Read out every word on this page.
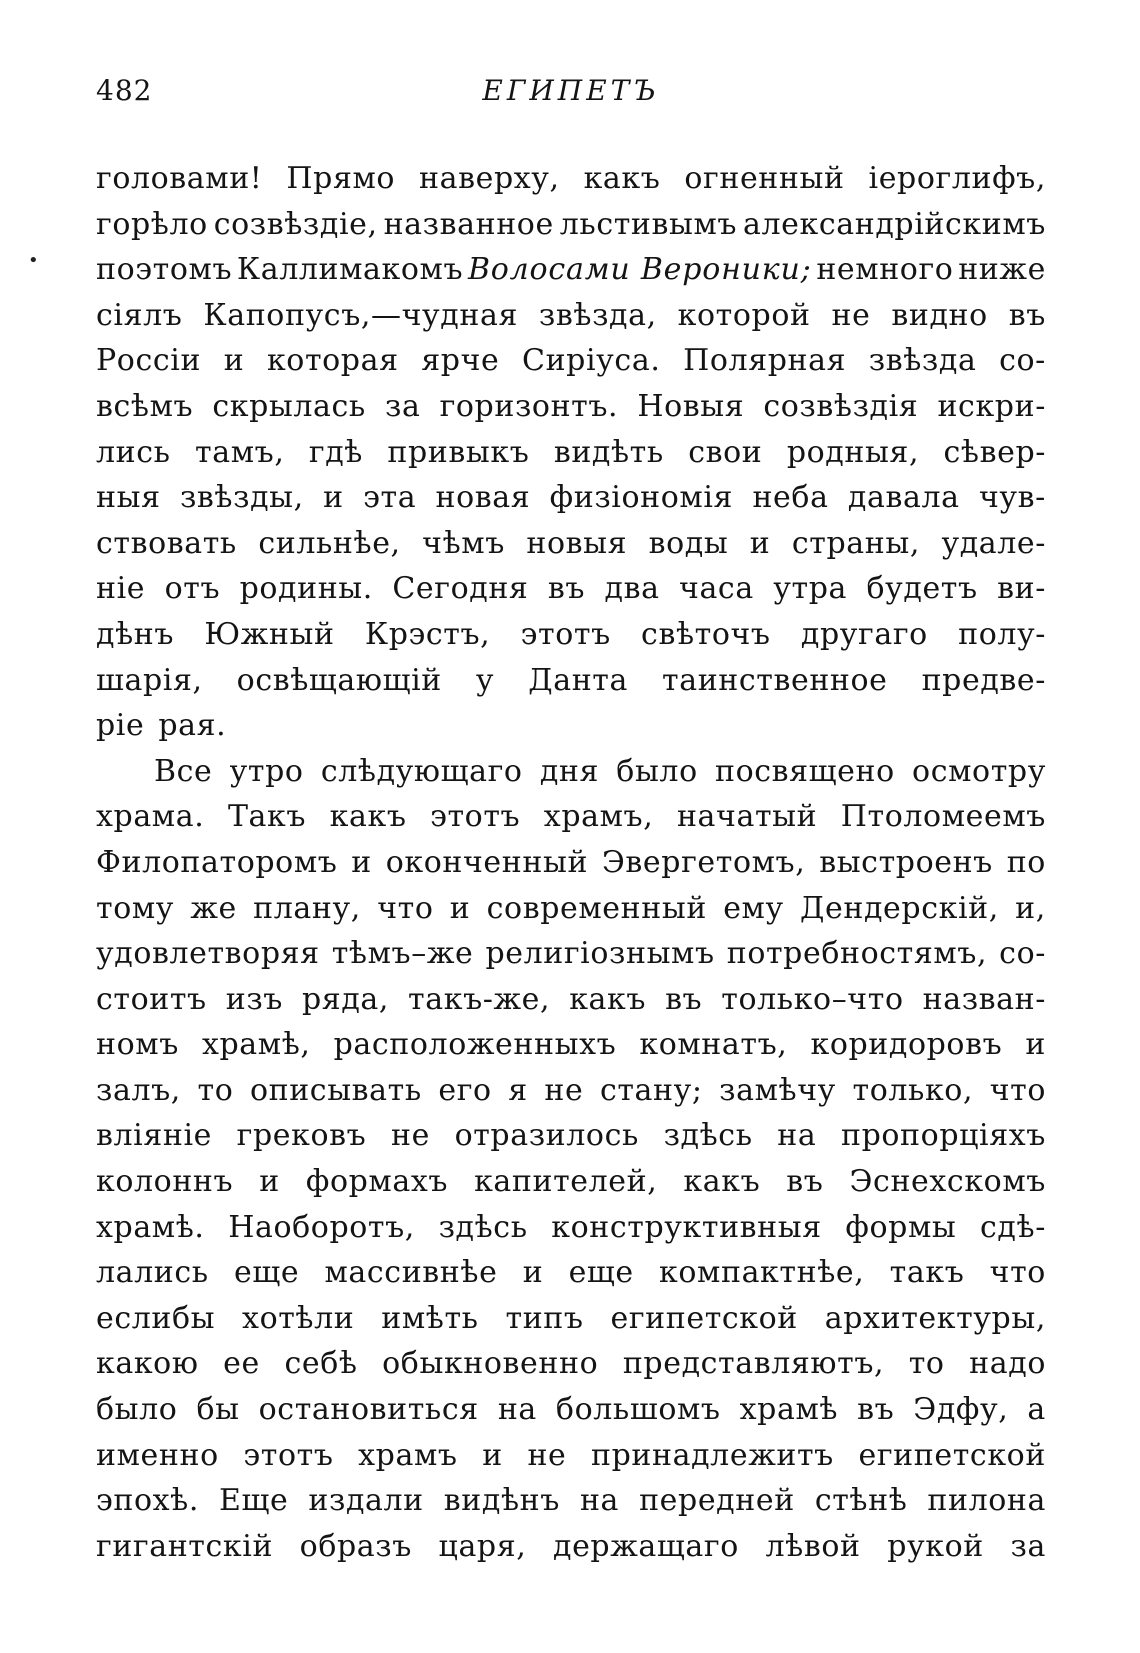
•
482	ЕГИПЕТЪ
головами! Прямо наверху, какъ огненный іероглифъ,
горѣло созвѣздіе, названное льстивымъ александрійскимъ
поэтомъ Каллимакомъ Волосами Вероники; немного ниже
сіялъ Капопусъ,—чудная звѣзда, которой не видно въ
Россіи и которая ярче Сиріуса. Полярная звѣзда со-
всѣмъ скрылась за горизонтъ. Новыя созвѣздія искри-
лись тамъ, гдѣ привыкъ видѣть свои родныя, сѣвер-
ныя звѣзды, и эта новая физіономія неба давала чув-
ствовать сильнѣе, чѣмъ новыя воды и страны, удале-
ніе отъ родины. Сегодня въ два часа утра будетъ ви-
дѣнъ Южный Крэстъ, этотъ свѣточъ другаго полу-
шарія, освѣщающій у Данта таинственное предве-
ріе рая.
Все утро слѣдующаго дня было посвящено осмотру
храма. Такъ какъ этотъ храмъ, начатый Птоломеемъ
Филопаторомъ и оконченный Эвергетомъ, выстроенъ по
тому же плану, что и современный ему Дендерскій, и,
удовлетворяя тѣмъ–же религіознымъ потребностямъ, со-
стоитъ изъ ряда, такъ-же, какъ въ только–что назван-
номъ храмѣ, расположенныхъ комнатъ, коридоровъ и
залъ, то описывать его я не стану; замѣчу только, что
вліяніе грековъ не отразилось здѣсь на пропорціяхъ
колоннъ и формахъ капителей, какъ въ Эснехскомъ
храмѣ. Наоборотъ, здѣсь конструктивныя формы сдѣ-
лались еще массивнѣе и еще компактнѣе, такъ что
еслибы хотѣли имѣть типъ египетской архитектуры,
какою ее себѣ обыкновенно представляютъ, то надо
было бы остановиться на большомъ храмѣ въ Эдфу, а
именно этотъ храмъ и не принадлежитъ египетской
эпохѣ. Еще издали видѣнъ на передней стѣнѣ пилона
гигантскій образъ царя, держащаго лѣвой рукой за
